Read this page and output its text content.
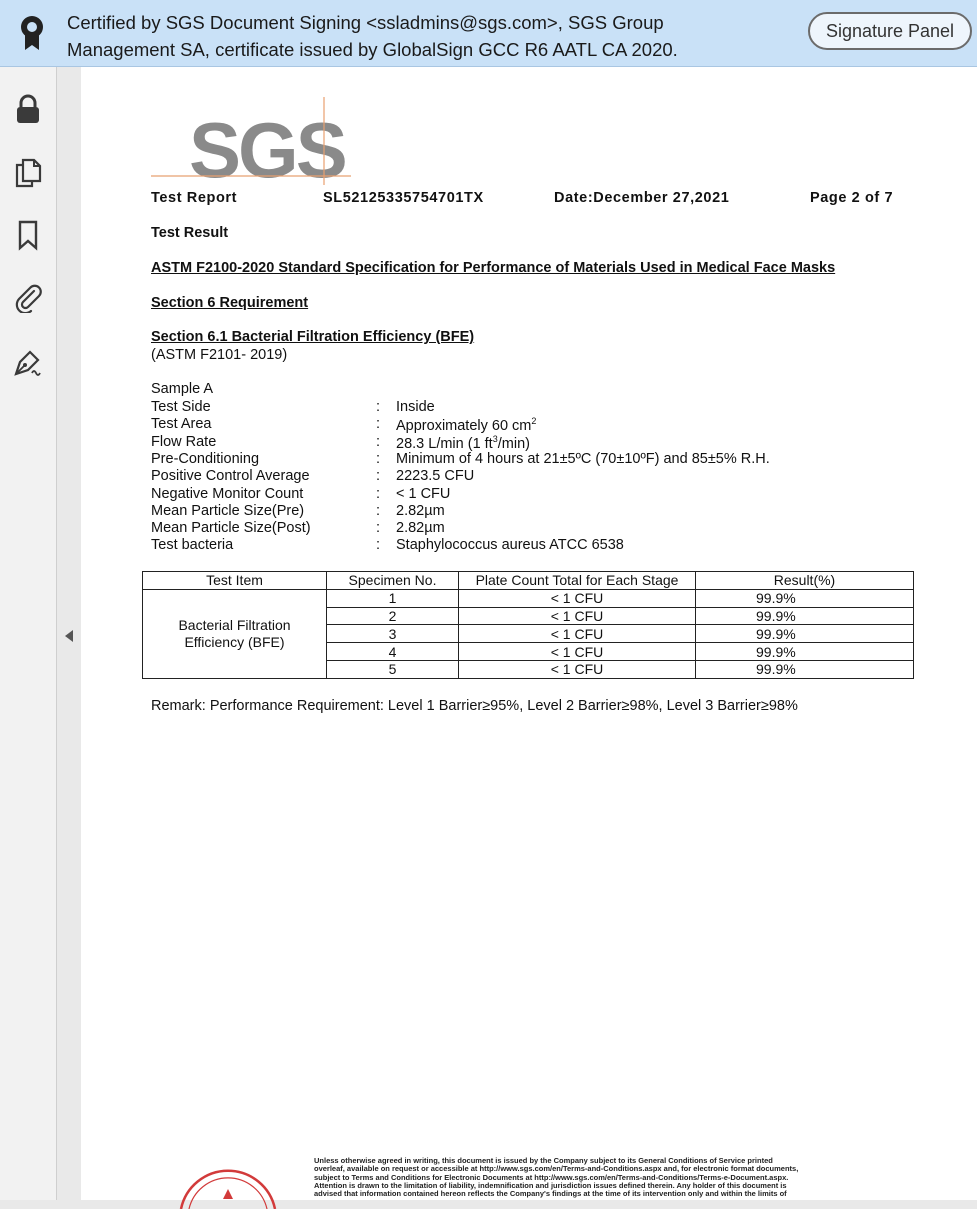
Certified by SGS Document Signing <ssladmins@sgs.com>, SGS Group
Management SA, certificate issued by GlobalSign GCC R6 AATL CA 2020.
Signature Panel
SGS
Test Report	SL52125335754701TX	Date:December 27,2021	Page 2 of 7
Test Result
ASTM F2100-2020 Standard Specification for Performance of Materials Used in Medical Face Masks
Section 6 Requirement
Section 6.1 Bacterial Filtration Efficiency (BFE)
(ASTM F2101- 2019)
Sample A
Test Side	: Inside
Test Area	: Approximately 60 $cm^2$
Flow Rate	: 28.3 L/min (1 $ft^3/\min$)
Pre-Conditioning	: Minimum of 4 hours at 21±5ºC (70±10ºF) and 85±5% R.H.
Positive Control Average	: 2223.5 CFU
Negative Monitor Count	: < 1 CFU
Mean Particle Size(Pre)	: 2.82µm
Mean Particle Size(Post)	: 2.82µm
Test bacteria	: Staphylococcus aureus ATCC 6538
Test Item	Specimen No.	Plate Count Total for Each Stage	Result(%)

Bacterial Filtration
Efficiency (BFE)	1	< 1 CFU	99.9%
	2	< 1 CFU	99.9%
	3	< 1 CFU	99.9%
	4	< 1 CFU	99.9%
	5	< 1 CFU	99.9%
Remark: Performance Requirement: Level 1 Barrier≥95%, Level 2 Barrier≥98%, Level 3 Barrier≥98%
Unless otherwise agreed in writing, this document is issued by the Company subject to its General Conditions of Service printed
overleaf, available on request or accessible at http://www.sgs.com/en/Terms-and-Conditions.aspx and, for electronic format documents,
subject to Terms and Conditions for Electronic Documents at http://www.sgs.com/en/Terms-and-Conditions/Terms-e-Document.aspx.
Attention is drawn to the limitation of liability, indemnification and jurisdiction issues defined therein. Any holder of this document is
advised that information contained hereon reflects the Company's findings at the time of its intervention only and within the limits of
